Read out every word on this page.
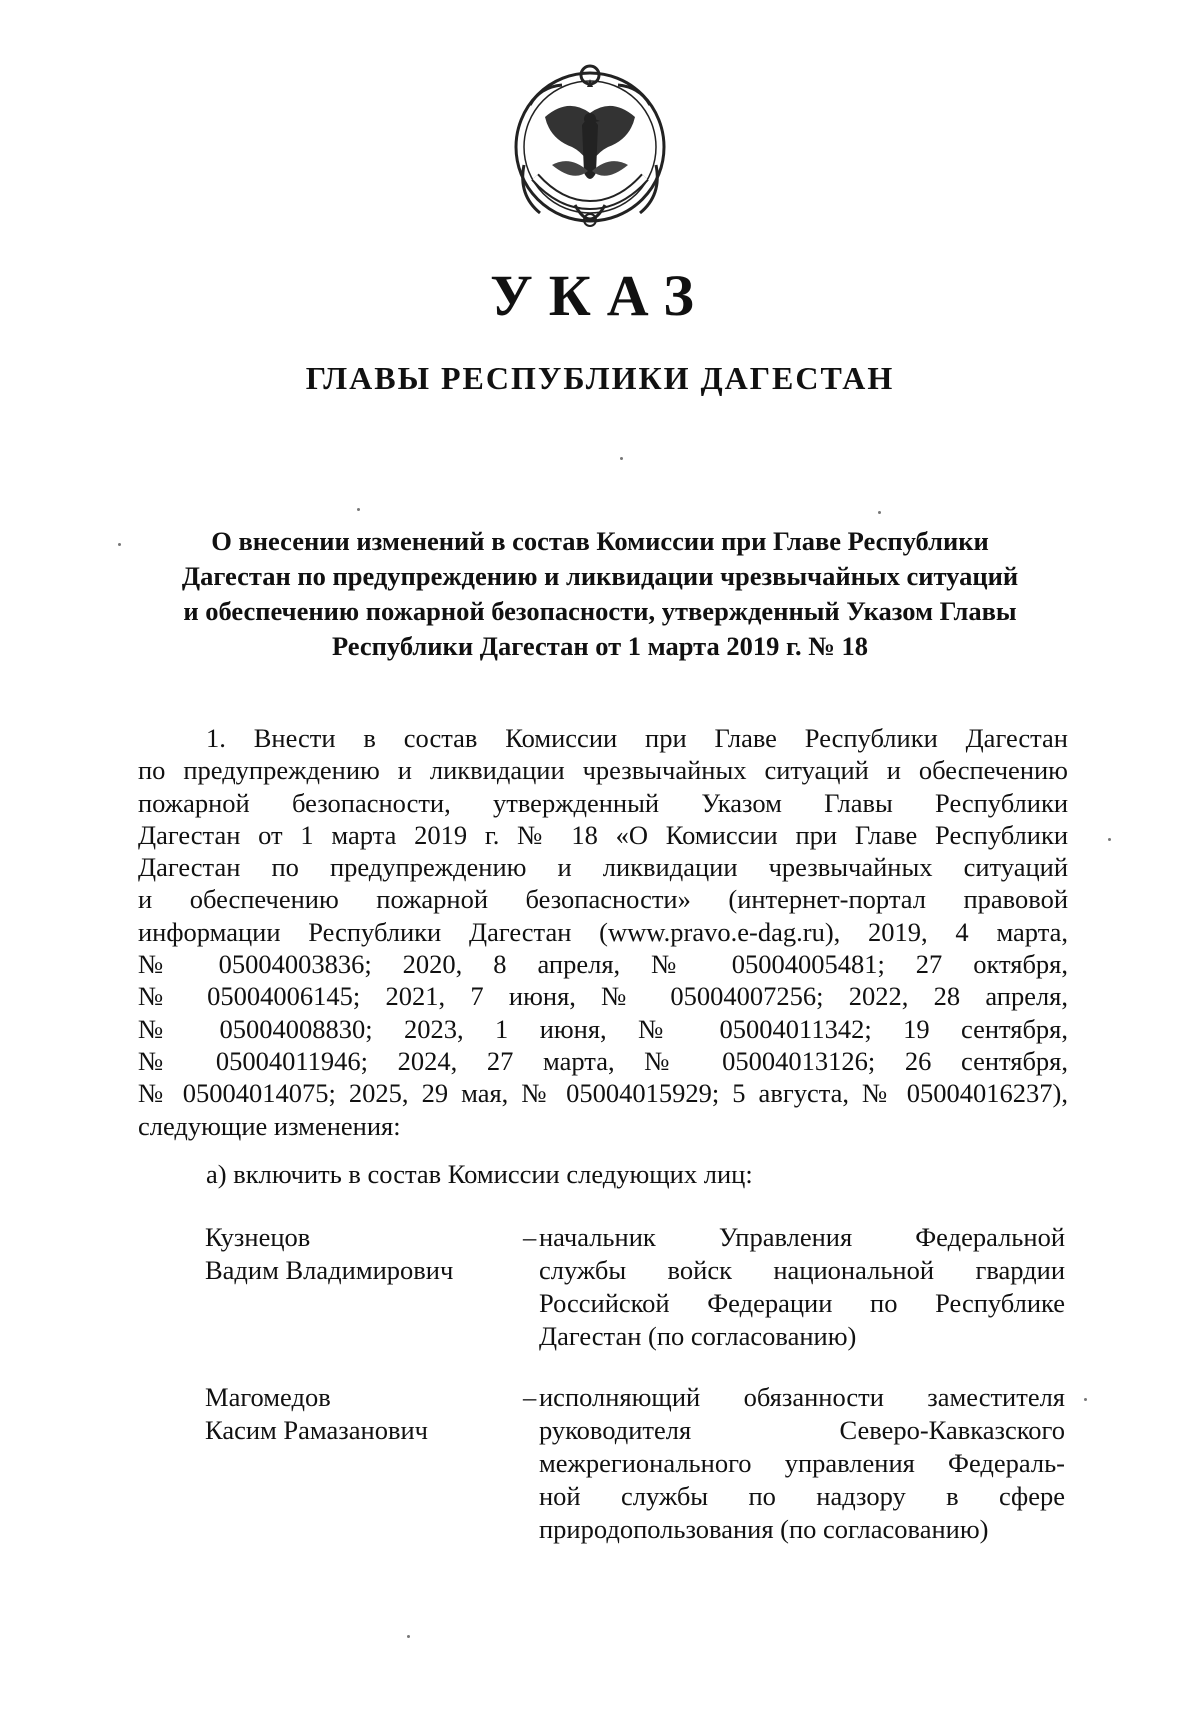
УКАЗ
ГЛАВЫ РЕСПУБЛИКИ ДАГЕСТАН
О внесении изменений в состав Комиссии при Главе Республики
Дагестан по предупреждению и ликвидации чрезвычайных ситуаций
и обеспечению пожарной безопасности, утвержденный Указом Главы
Республики Дагестан от 1 марта 2019 г. № 18
1. Внести в состав Комиссии при Главе Республики Дагестан
по предупреждению и ликвидации чрезвычайных ситуаций и обеспечению
пожарной безопасности, утвержденный Указом Главы Республики
Дагестан от 1 марта 2019 г. № 18 «О Комиссии при Главе Республики
Дагестан по предупреждению и ликвидации чрезвычайных ситуаций
и обеспечению пожарной безопасности» (интернет-портал правовой
информации Республики Дагестан (www.pravo.e-dag.ru), 2019, 4 марта,
№ 05004003836; 2020, 8 апреля, № 05004005481; 27 октября,
№ 05004006145; 2021, 7 июня, № 05004007256; 2022, 28 апреля,
№ 05004008830; 2023, 1 июня, № 05004011342; 19 сентября,
№ 05004011946; 2024, 27 марта, № 05004013126; 26 сентября,
№ 05004014075; 2025, 29 мая, № 05004015929; 5 августа, № 05004016237),
следующие изменения:
а) включить в состав Комиссии следующих лиц:
Кузнецов
Вадим Владимирович
– начальник Управления Федеральной
службы войск национальной гвардии
Российской Федерации по Республике
Дагестан (по согласованию)
Магомедов
Касим Рамазанович
– исполняющий обязанности заместителя
руководителя Северо-Кавказского
межрегионального управления Федераль-
ной службы по надзору в сфере
природопользования (по согласованию)
